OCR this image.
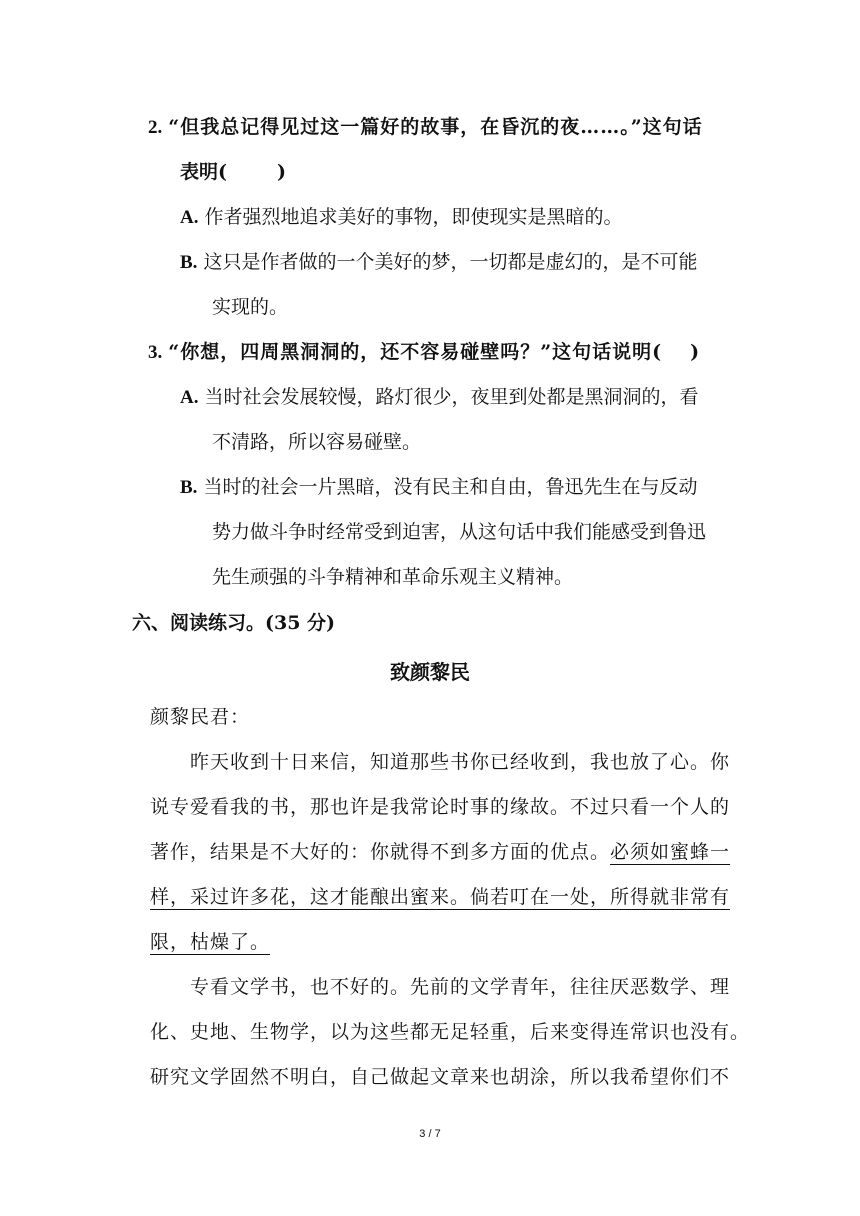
2. “但我总记得见过这一篇好的故事，在昏沉的夜……。”这句话
表明(	)
A. 作者强烈地追求美好的事物，即使现实是黑暗的。
B. 这只是作者做的一个美好的梦，一切都是虚幻的，是不可能
实现的。
3. “你想，四周黑洞洞的，还不容易碰壁吗？”这句话说明( )
A. 当时社会发展较慢，路灯很少，夜里到处都是黑洞洞的，看
不清路，所以容易碰壁。
B. 当时的社会一片黑暗，没有民主和自由，鲁迅先生在与反动
势力做斗争时经常受到迫害，从这句话中我们能感受到鲁迅
先生顽强的斗争精神和革命乐观主义精神。
六、阅读练习。(35 分)
致颜黎民
颜黎民君：
昨天收到十日来信，知道那些书你已经收到，我也放了心。你
说专爱看我的书，那也许是我常论时事的缘故。不过只看一个人的
著作，结果是不大好的：你就得不到多方面的优点。必须如蜜蜂一
样，采过许多花，这才能酿出蜜来。倘若叮在一处，所得就非常有
限，枯燥了。
专看文学书，也不好的。先前的文学青年，往往厌恶数学、理
化、史地、生物学，以为这些都无足轻重，后来变得连常识也没有。
研究文学固然不明白，自己做起文章来也胡涂，所以我希望你们不
3 / 7
